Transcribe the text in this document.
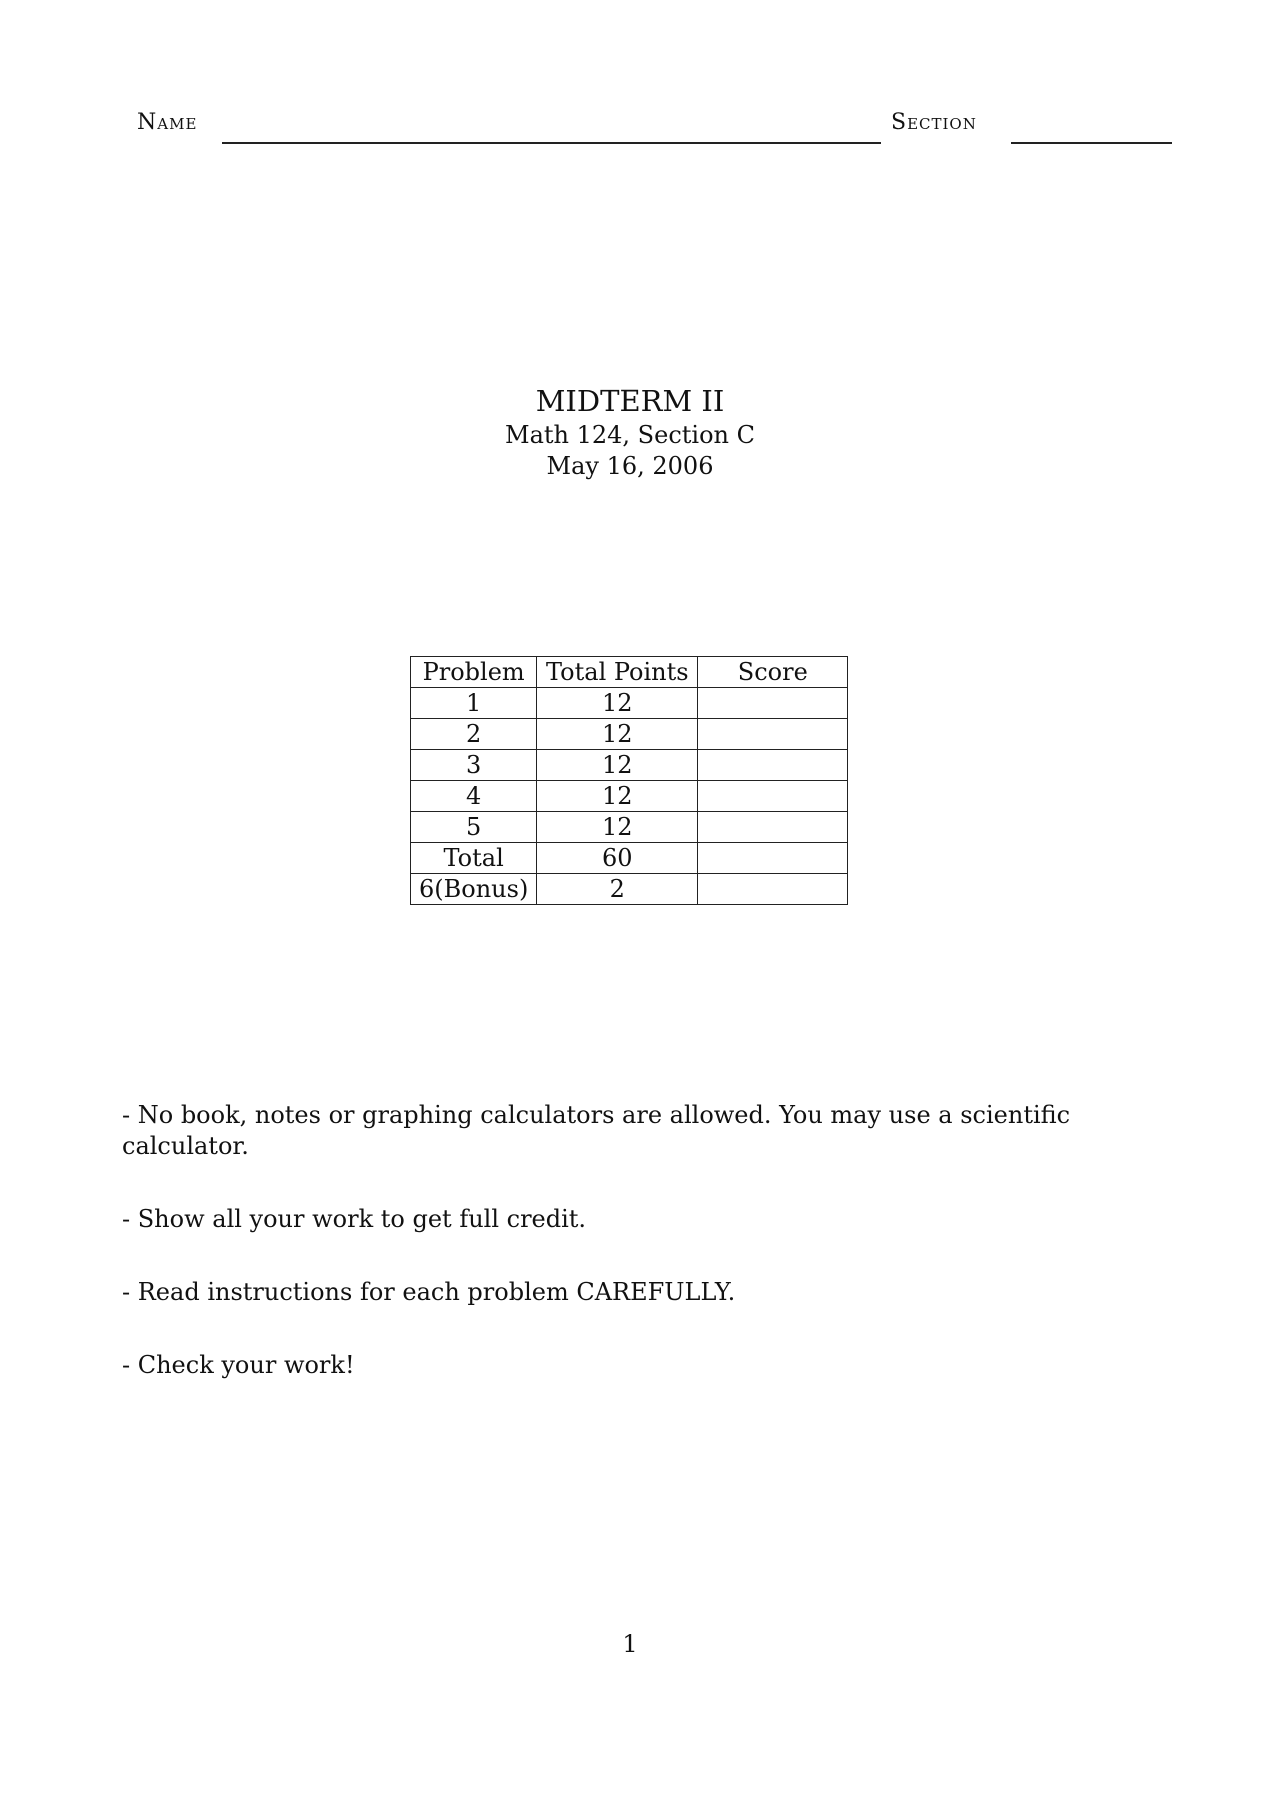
Name	Section
MIDTERM II
Math 124, Section C
May 16, 2006
Problem	Total Points	Score
1	12	
2	12	
3	12	
4	12	
5	12	
Total	60	
6(Bonus)	2	

- No book, notes or graphing calculators are allowed. You may use a scientific calculator.

- Show all your work to get full credit.

- Read instructions for each problem CAREFULLY.

- Check your work!

1
